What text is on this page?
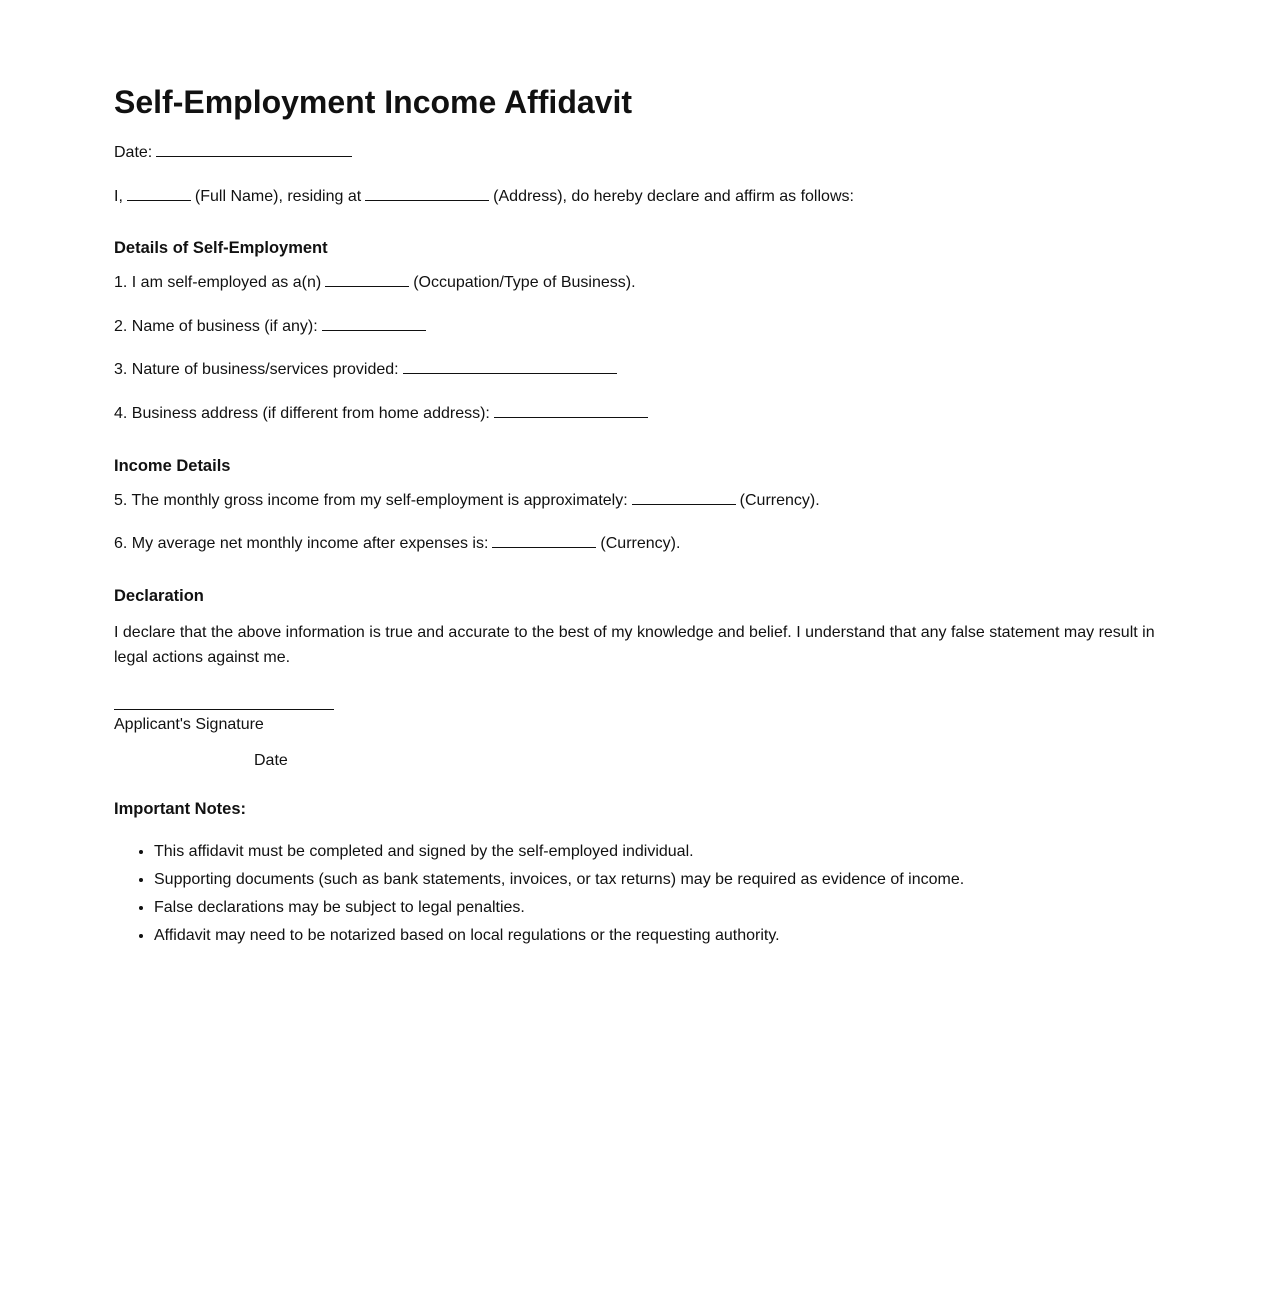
Self-Employment Income Affidavit
Date:
I,	(Full Name), residing at	(Address), do hereby declare and affirm as follows:
Details of Self-Employment
1. I am self-employed as a(n)	(Occupation/Type of Business).
2. Name of business (if any):
3. Nature of business/services provided:
4. Business address (if different from home address):
Income Details
5. The monthly gross income from my self-employment is approximately:	(Currency).
6. My average net monthly income after expenses is:	(Currency).
Declaration
I declare that the above information is true and accurate to the best of my knowledge and belief. I understand that any false statement may result in legal actions against me.
Applicant's Signature
Date
Important Notes:
• This affidavit must be completed and signed by the self-employed individual.
• Supporting documents (such as bank statements, invoices, or tax returns) may be required as evidence of income.
• False declarations may be subject to legal penalties.
• Affidavit may need to be notarized based on local regulations or the requesting authority.
